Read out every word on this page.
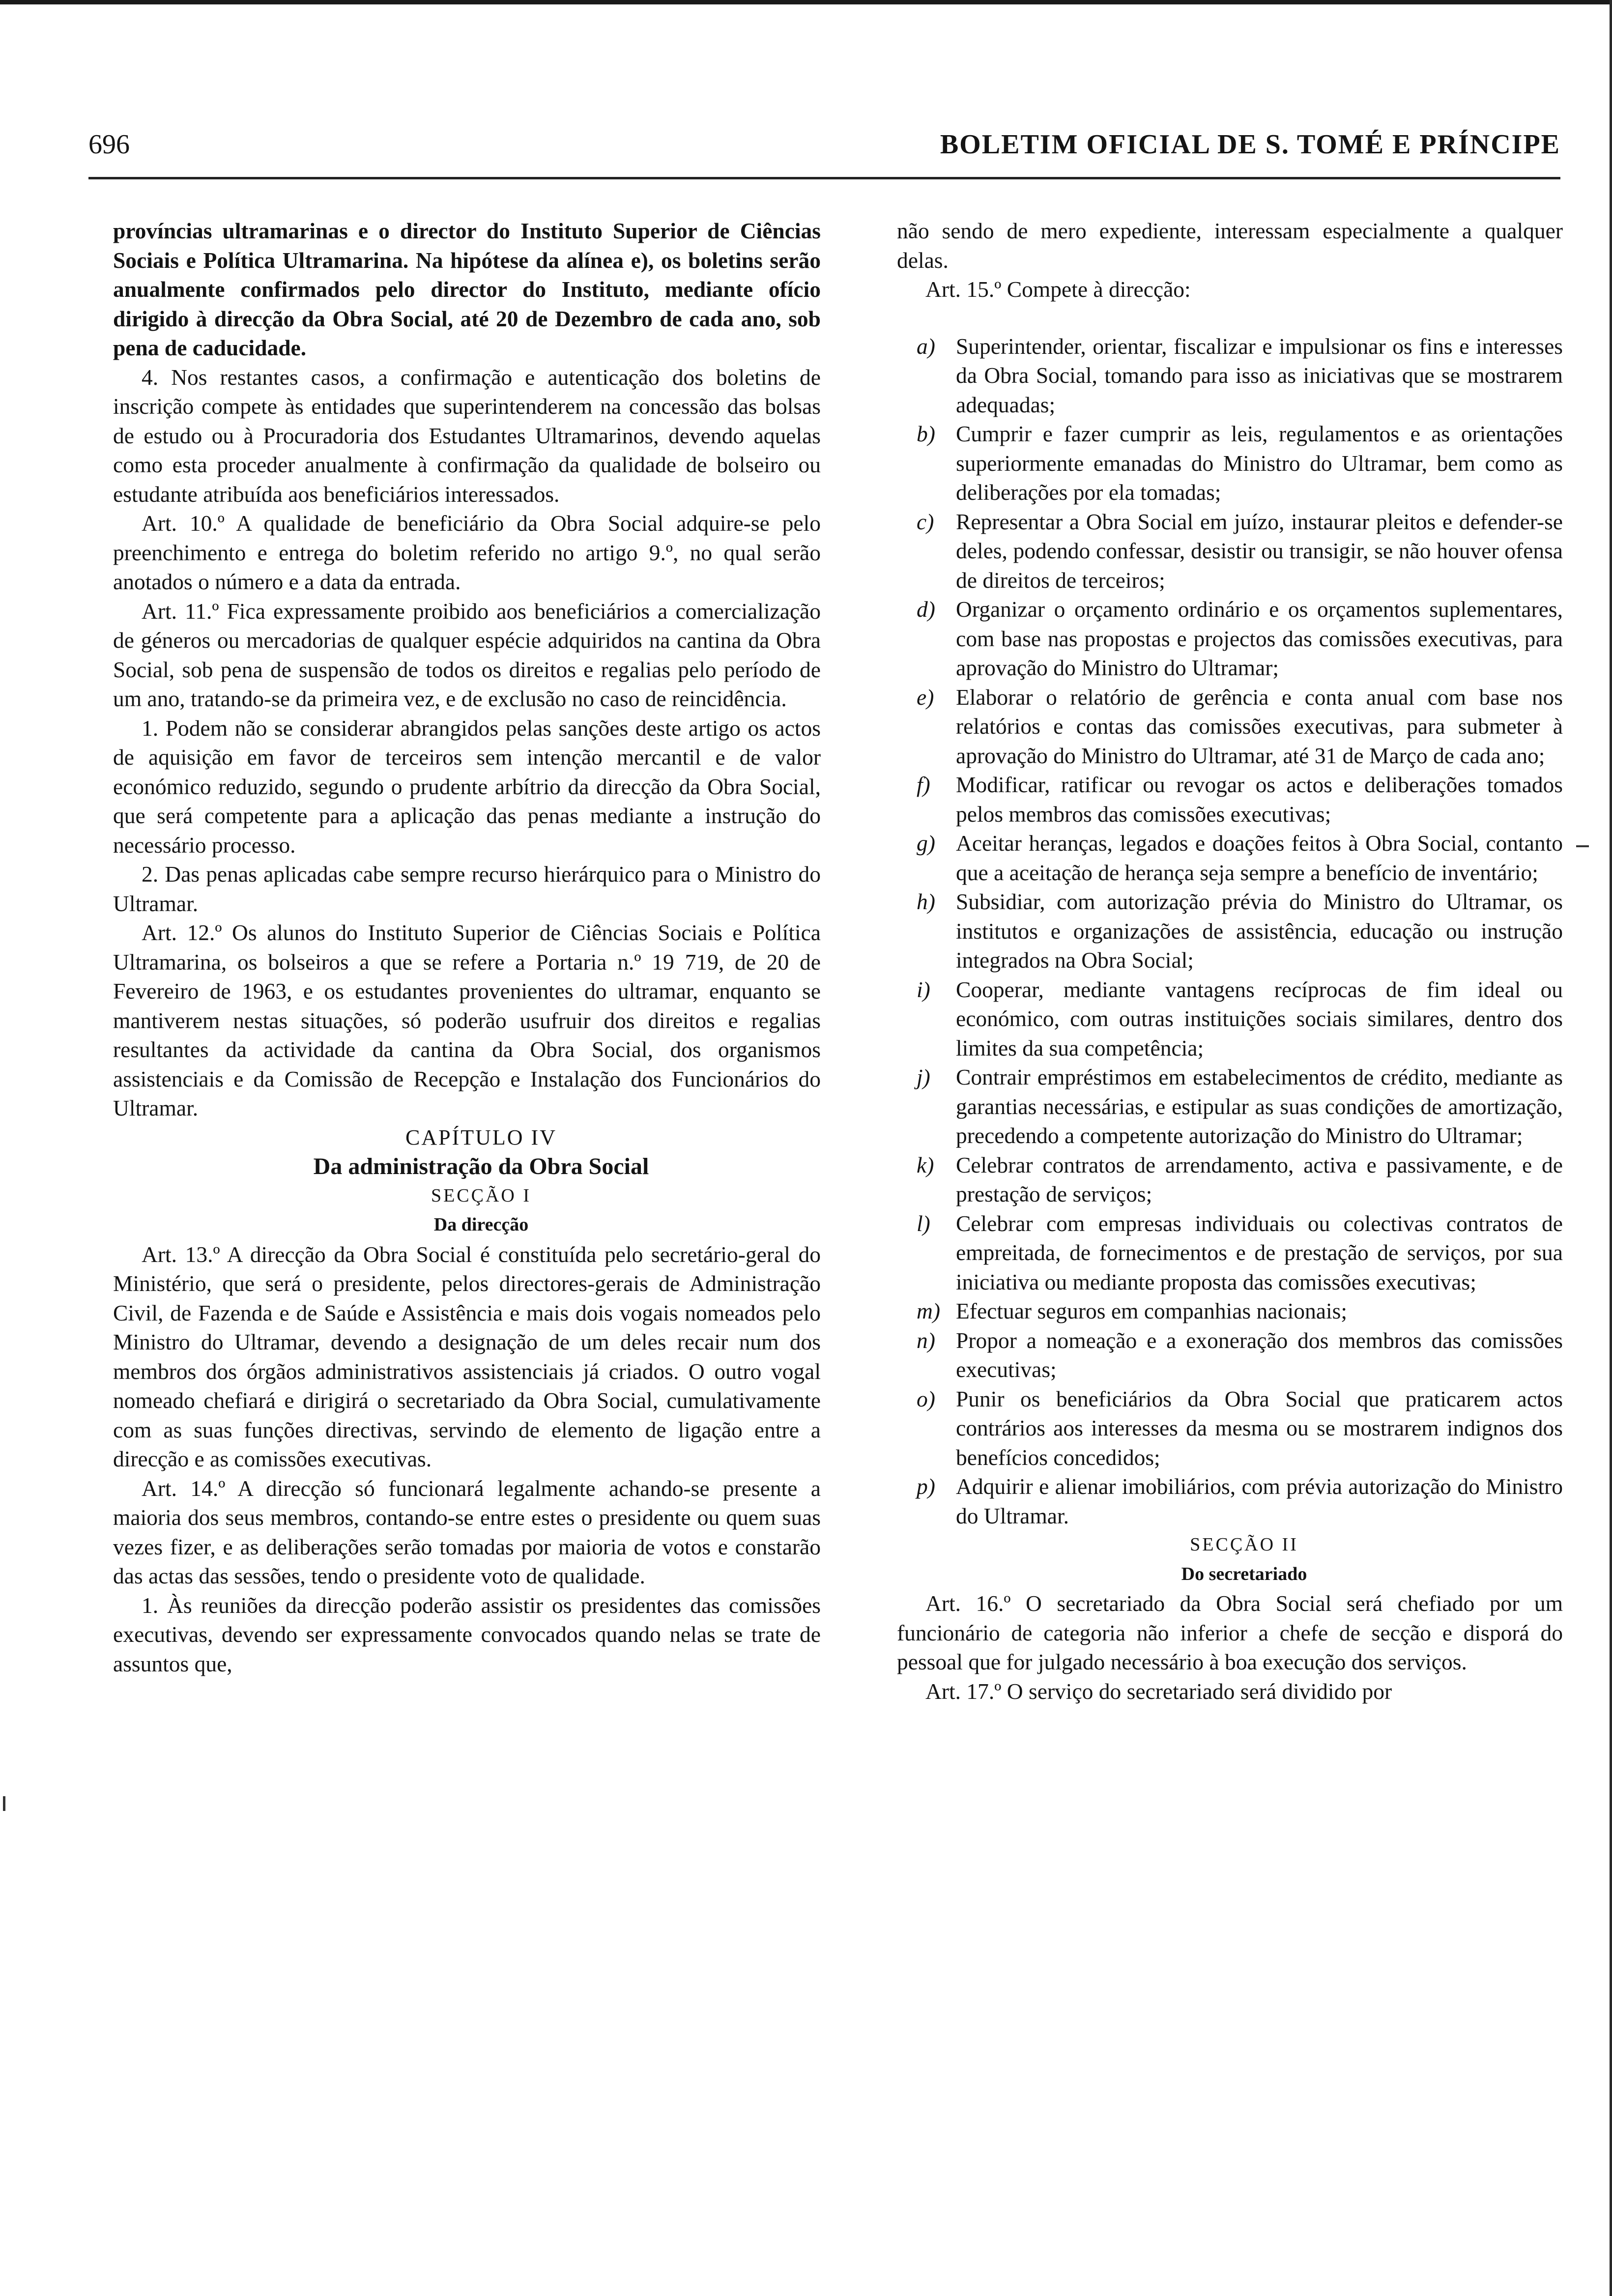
696	BOLETIM OFICIAL DE S. TOMÉ E PRÍNCIPE

províncias ultramarinas e o director do Instituto Superior de Ciências Sociais e Política Ultramarina. Na hipótese da alínea e), os boletins serão anualmente confirmados pelo director do Instituto, mediante ofício dirigido à direcção da Obra Social, até 20 de Dezembro de cada ano, sob pena de caducidade.

4. Nos restantes casos, a confirmação e autenticação dos boletins de inscrição compete às entidades que superintenderem na concessão das bolsas de estudo ou à Procuradoria dos Estudantes Ultramarinos, devendo aquelas como esta proceder anualmente à confirmação da qualidade de bolseiro ou estudante atribuída aos beneficiários interessados.

Art. 10.º A qualidade de beneficiário da Obra Social adquire-se pelo preenchimento e entrega do boletim referido no artigo 9.º, no qual serão anotados o número e a data da entrada.

Art. 11.º Fica expressamente proibido aos beneficiários a comercialização de géneros ou mercadorias de qualquer espécie adquiridos na cantina da Obra Social, sob pena de suspensão de todos os direitos e regalias pelo período de um ano, tratando-se da primeira vez, e de exclusão no caso de reincidência.

1. Podem não se considerar abrangidos pelas sanções deste artigo os actos de aquisição em favor de terceiros sem intenção mercantil e de valor económico reduzido, segundo o prudente arbítrio da direcção da Obra Social, que será competente para a aplicação das penas mediante a instrução do necessário processo.

2. Das penas aplicadas cabe sempre recurso hierárquico para o Ministro do Ultramar.

Art. 12.º Os alunos do Instituto Superior de Ciências Sociais e Política Ultramarina, os bolseiros a que se refere a Portaria n.º 19 719, de 20 de Fevereiro de 1963, e os estudantes provenientes do ultramar, enquanto se mantiverem nestas situações, só poderão usufruir dos direitos e regalias resultantes da actividade da cantina da Obra Social, dos organismos assistenciais e da Comissão de Recepção e Instalação dos Funcionários do Ultramar.

CAPÍTULO IV

Da administração da Obra Social

SECÇÃO I

Da direcção

Art. 13.º A direcção da Obra Social é constituída pelo secretário-geral do Ministério, que será o presidente, pelos directores-gerais de Administração Civil, de Fazenda e de Saúde e Assistência e mais dois vogais nomeados pelo Ministro do Ultramar, devendo a designação de um deles recair num dos membros dos órgãos administrativos assistenciais já criados. O outro vogal nomeado chefiará e dirigirá o secretariado da Obra Social, cumulativamente com as suas funções directivas, servindo de elemento de ligação entre a direcção e as comissões executivas.

Art. 14.º A direcção só funcionará legalmente achando-se presente a maioria dos seus membros, contando-se entre estes o presidente ou quem suas vezes fizer, e as deliberações serão tomadas por maioria de votos e constarão das actas das sessões, tendo o presidente voto de qualidade.

1. Às reuniões da direcção poderão assistir os presidentes das comissões executivas, devendo ser expressamente convocados quando nelas se trate de assuntos que,

não sendo de mero expediente, interessam especialmente a qualquer delas.

Art. 15.º Compete à direcção:

a) Superintender, orientar, fiscalizar e impulsionar os fins e interesses da Obra Social, tomando para isso as iniciativas que se mostrarem adequadas;
b) Cumprir e fazer cumprir as leis, regulamentos e as orientações superiormente emanadas do Ministro do Ultramar, bem como as deliberações por ela tomadas;
c) Representar a Obra Social em juízo, instaurar pleitos e defender-se deles, podendo confessar, desistir ou transigir, se não houver ofensa de direitos de terceiros;
d) Organizar o orçamento ordinário e os orçamentos suplementares, com base nas propostas e projectos das comissões executivas, para aprovação do Ministro do Ultramar;
e) Elaborar o relatório de gerência e conta anual com base nos relatórios e contas das comissões executivas, para submeter à aprovação do Ministro do Ultramar, até 31 de Março de cada ano;
f) Modificar, ratificar ou revogar os actos e deliberações tomados pelos membros das comissões executivas;
g) Aceitar heranças, legados e doações feitos à Obra Social, contanto que a aceitação de herança seja sempre a benefício de inventário;
h) Subsidiar, com autorização prévia do Ministro do Ultramar, os institutos e organizações de assistência, educação ou instrução integrados na Obra Social;
i) Cooperar, mediante vantagens recíprocas de fim ideal ou económico, com outras instituições sociais similares, dentro dos limites da sua competência;
j) Contrair empréstimos em estabelecimentos de crédito, mediante as garantias necessárias, e estipular as suas condições de amortização, precedendo a competente autorização do Ministro do Ultramar;
k) Celebrar contratos de arrendamento, activa e passivamente, e de prestação de serviços;
l) Celebrar com empresas individuais ou colectivas contratos de empreitada, de fornecimentos e de prestação de serviços, por sua iniciativa ou mediante proposta das comissões executivas;
m) Efectuar seguros em companhias nacionais;
n) Propor a nomeação e a exoneração dos membros das comissões executivas;
o) Punir os beneficiários da Obra Social que praticarem actos contrários aos interesses da mesma ou se mostrarem indignos dos benefícios concedidos;
p) Adquirir e alienar imobiliários, com prévia autorização do Ministro do Ultramar.

SECÇÃO II

Do secretariado

Art. 16.º O secretariado da Obra Social será chefiado por um funcionário de categoria não inferior a chefe de secção e disporá do pessoal que for julgado necessário à boa execução dos serviços.

Art. 17.º O serviço do secretariado será dividido por
